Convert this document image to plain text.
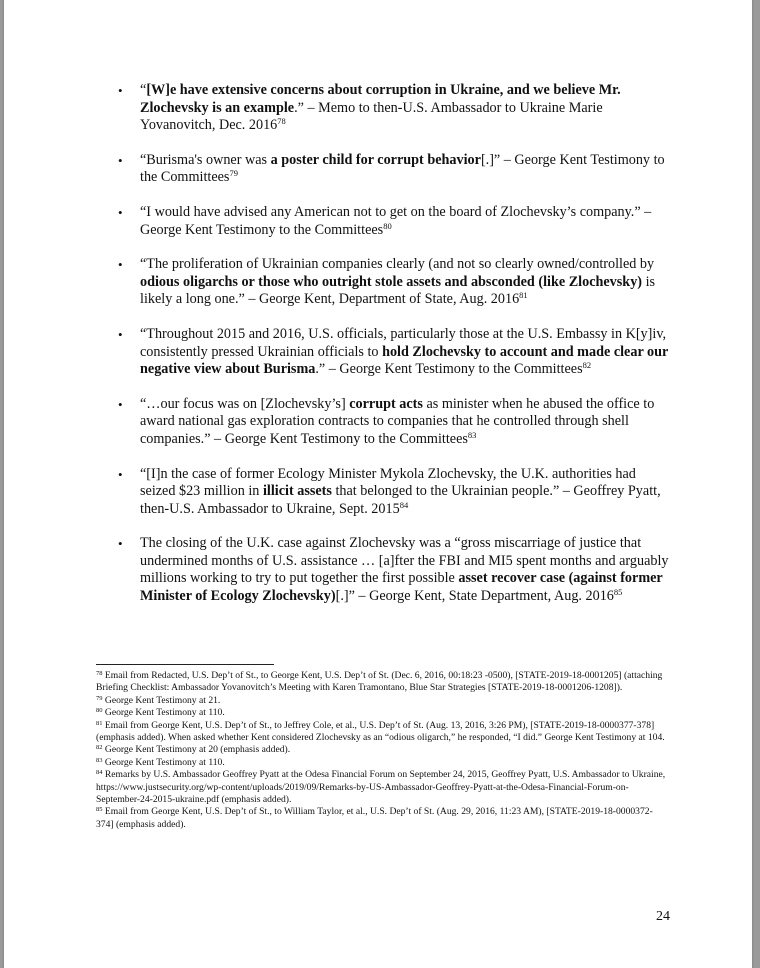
• “[W]e have extensive concerns about corruption in Ukraine, and we believe Mr. Zlochevsky is an example.” – Memo to then-U.S. Ambassador to Ukraine Marie Yovanovitch, Dec. 2016$^{78}$
• “Burisma's owner was a poster child for corrupt behavior[.]” – George Kent Testimony to the Committees$^{79}$
• “I would have advised any American not to get on the board of Zlochevsky’s company.” – George Kent Testimony to the Committees$^{80}$
• “The proliferation of Ukrainian companies clearly (and not so clearly owned/controlled by odious oligarchs or those who outright stole assets and absconded (like Zlochevsky) is likely a long one.” – George Kent, Department of State, Aug. 2016$^{81}$
• “Throughout 2015 and 2016, U.S. officials, particularly those at the U.S. Embassy in K[y]iv, consistently pressed Ukrainian officials to hold Zlochevsky to account and made clear our negative view about Burisma.” – George Kent Testimony to the Committees$^{82}$
• “…our focus was on [Zlochevsky’s] corrupt acts as minister when he abused the office to award national gas exploration contracts to companies that he controlled through shell companies.” – George Kent Testimony to the Committees$^{83}$
• “[I]n the case of former Ecology Minister Mykola Zlochevsky, the U.K. authorities had seized $23 million in illicit assets that belonged to the Ukrainian people.” – Geoffrey Pyatt, then-U.S. Ambassador to Ukraine, Sept. 2015$^{84}$
• The closing of the U.K. case against Zlochevsky was a “gross miscarriage of justice that undermined months of U.S. assistance … [a]fter the FBI and MI5 spent months and arguably millions working to try to put together the first possible asset recover case (against former Minister of Ecology Zlochevsky)[.]” – George Kent, State Department, Aug. 2016$^{85}$

$^{78}$ Email from Redacted, U.S. Dep’t of St., to George Kent, U.S. Dep’t of St. (Dec. 6, 2016, 00:18:23 -0500), [STATE-2019-18-0001205] (attaching Briefing Checklist: Ambassador Yovanovitch’s Meeting with Karen Tramontano, Blue Star Strategies [STATE-2019-18-0001206-1208]).

$^{79}$ George Kent Testimony at 21.

$^{80}$ George Kent Testimony at 110.

$^{81}$ Email from George Kent, U.S. Dep’t of St., to Jeffrey Cole, et al., U.S. Dep’t of St. (Aug. 13, 2016, 3:26 PM), [STATE-2019-18-0000377-378] (emphasis added). When asked whether Kent considered Zlochevsky as an “odious oligarch,” he responded, “I did.” George Kent Testimony at 104.

$^{82}$ George Kent Testimony at 20 (emphasis added).

$^{83}$ George Kent Testimony at 110.

$^{84}$ Remarks by U.S. Ambassador Geoffrey Pyatt at the Odesa Financial Forum on September 24, 2015, Geoffrey Pyatt, U.S. Ambassador to Ukraine, https://www.justsecurity.org/wp-content/uploads/2019/09/Remarks-by-US-Ambassador-Geoffrey-Pyatt-at-the-Odesa-Financial-Forum-on-September-24-2015-ukraine.pdf (emphasis added).

$^{85}$ Email from George Kent, U.S. Dep’t of St., to William Taylor, et al., U.S. Dep’t of St. (Aug. 29, 2016, 11:23 AM), [STATE-2019-18-0000372-374] (emphasis added).

24
